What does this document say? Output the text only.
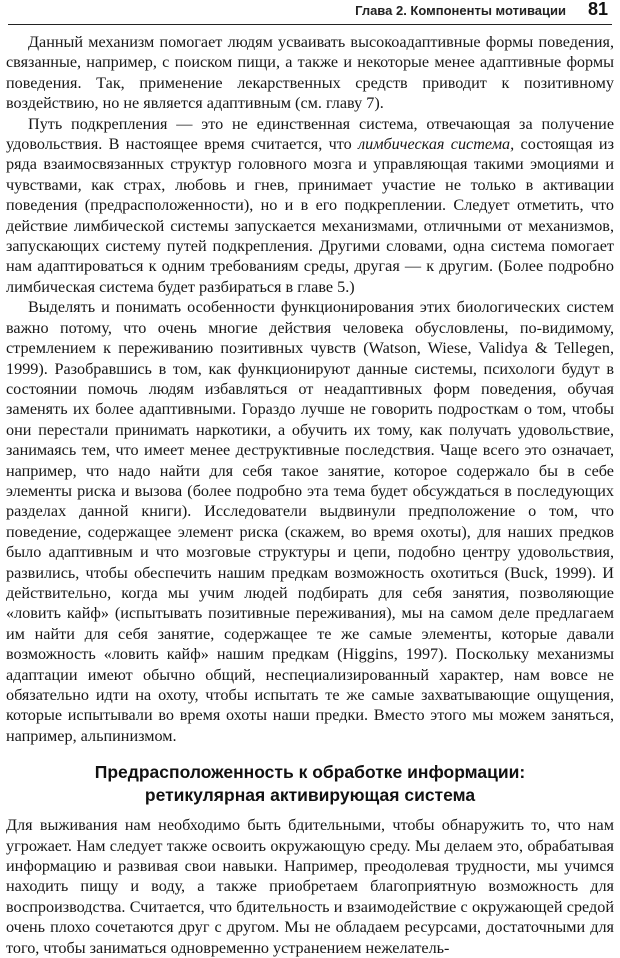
Глава 2. Компоненты мотивации 81

Данный механизм помогает людям усваивать высокоадаптивные формы поведения, связанные, например, с поиском пищи, а также и некоторые менее адаптивные формы поведения. Так, применение лекарственных средств приводит к позитивному воздействию, но не является адаптивным (см. главу 7).

Путь подкрепления — это не единственная система, отвечающая за получение удовольствия. В настоящее время считается, что лимбическая система, состоящая из ряда взаимосвязанных структур головного мозга и управляющая такими эмоциями и чувствами, как страх, любовь и гнев, принимает участие не только в активации поведения (предрасположенности), но и в его подкреплении. Следует отметить, что действие лимбической системы запускается механизмами, отличными от механизмов, запускающих систему путей подкрепления. Другими словами, одна система помогает нам адаптироваться к одним требованиям среды, другая — к другим. (Более подробно лимбическая система будет разбираться в главе 5.)

Выделять и понимать особенности функционирования этих биологических систем важно потому, что очень многие действия человека обусловлены, по-видимому, стремлением к переживанию позитивных чувств (Watson, Wiese, Validya & Tellegen, 1999). Разобравшись в том, как функционируют данные системы, психологи будут в состоянии помочь людям избавляться от неадаптивных форм поведения, обучая заменять их более адаптивными. Гораздо лучше не говорить подросткам о том, чтобы они перестали принимать наркотики, а обучить их тому, как получать удовольствие, занимаясь тем, что имеет менее деструктивные последствия. Чаще всего это означает, например, что надо найти для себя такое занятие, которое содержало бы в себе элементы риска и вызова (более подробно эта тема будет обсуждаться в последующих разделах данной книги). Исследователи выдвинули предположение о том, что поведение, содержащее элемент риска (скажем, во время охоты), для наших предков было адаптивным и что мозговые структуры и цепи, подобно центру удовольствия, развились, чтобы обеспечить нашим предкам возможность охотиться (Buck, 1999). И действительно, когда мы учим людей подбирать для себя занятия, позволяющие «ловить кайф» (испытывать позитивные переживания), мы на самом деле предлагаем им найти для себя занятие, содержащее те же самые элементы, которые давали возможность «ловить кайф» нашим предкам (Higgins, 1997). Поскольку механизмы адаптации имеют обычно общий, неспециализированный характер, нам вовсе не обязательно идти на охоту, чтобы испытать те же самые захватывающие ощущения, которые испытывали во время охоты наши предки. Вместо этого мы можем заняться, например, альпинизмом.

Предрасположенность к обработке информации:
ретикулярная активирующая система

Для выживания нам необходимо быть бдительными, чтобы обнаружить то, что нам угрожает. Нам следует также освоить окружающую среду. Мы делаем это, обрабатывая информацию и развивая свои навыки. Например, преодолевая трудности, мы учимся находить пищу и воду, а также приобретаем благоприятную возможность для воспроизводства. Считается, что бдительность и взаимодействие с окружающей средой очень плохо сочетаются друг с другом. Мы не обладаем ресурсами, достаточными для того, чтобы заниматься одновременно устранением нежелатель-
